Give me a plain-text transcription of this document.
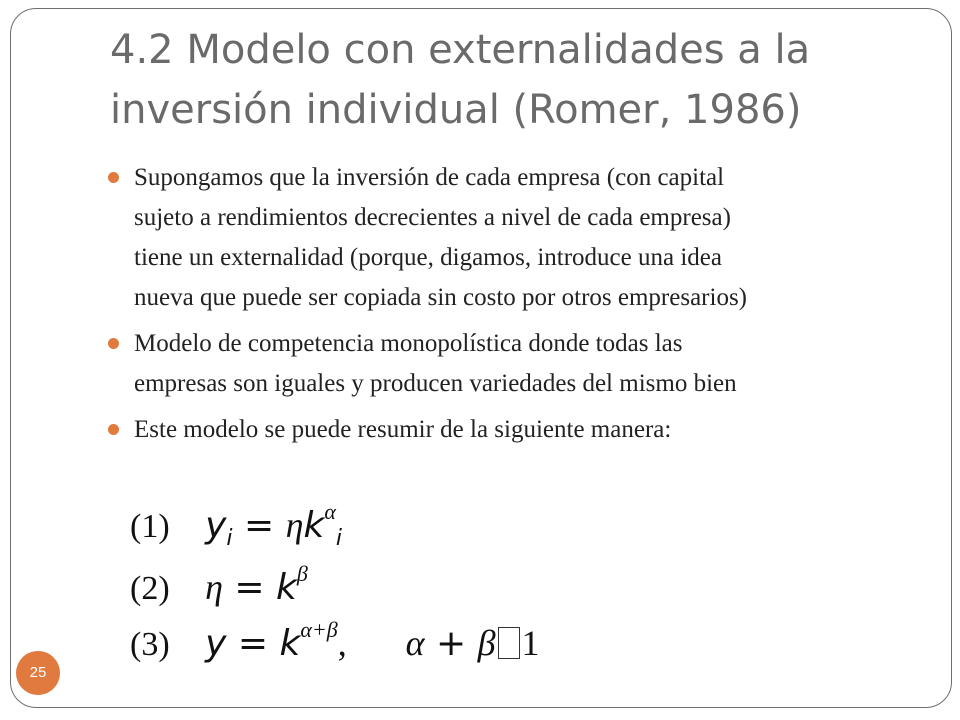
4.2 Modelo con externalidades a la
inversión individual (Romer, 1986)
Supongamos que la inversión de cada empresa (con capital
sujeto a rendimientos decrecientes a nivel de cada empresa)
tiene un externalidad (porque, digamos, introduce una idea
nueva que puede ser copiada sin costo por otros empresarios)
Modelo de competencia monopolística donde todas las
empresas son iguales y producen variedades del mismo bien
Este modelo se puede resumir de la siguiente manera:
(1) $y_i = \eta k^\alpha_i$
(2) $\eta = k^\beta$
(3) $y = k^{\alpha+\beta}$, α + β 1
25
